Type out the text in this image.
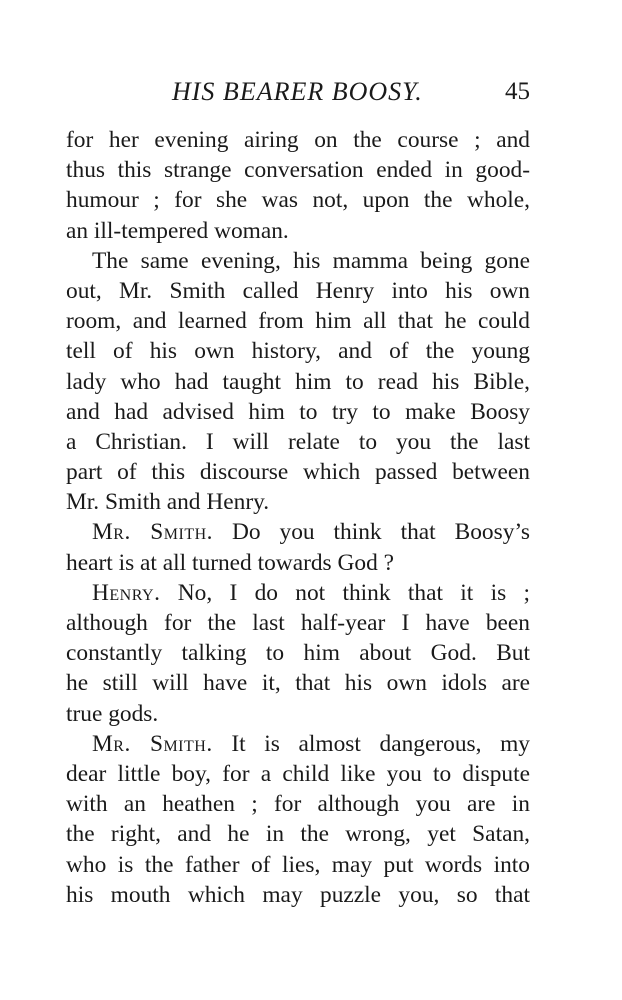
HIS BEARER BOOSY.	45
for her evening airing on the course ; and
thus this strange conversation ended in good-
humour ; for she was not, upon the whole,
an ill-tempered woman.
The same evening, his mamma being gone
out, Mr. Smith called Henry into his own
room, and learned from him all that he could
tell of his own history, and of the young
lady who had taught him to read his Bible,
and had advised him to try to make Boosy
a Christian. I will relate to you the last
part of this discourse which passed between
Mr. Smith and Henry.
Mr. Smith. Do you think that Boosy’s
heart is at all turned towards God ?
Henry. No, I do not think that it is ;
although for the last half-year I have been
constantly talking to him about God. But
he still will have it, that his own idols are
true gods.
Mr. Smith. It is almost dangerous, my
dear little boy, for a child like you to dispute
with an heathen ; for although you are in
the right, and he in the wrong, yet Satan,
who is the father of lies, may put words into
his mouth which may puzzle you, so that
